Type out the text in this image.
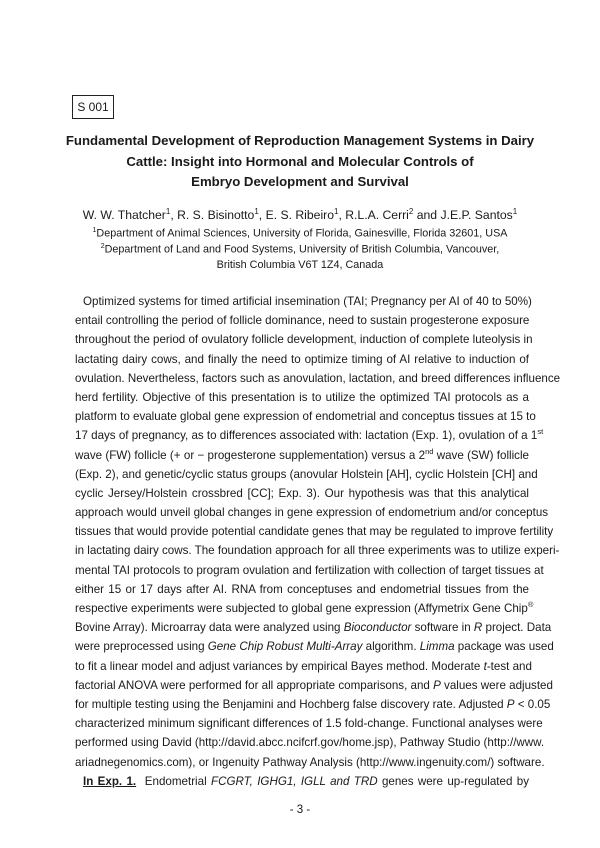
S 001
Fundamental Development of Reproduction Management Systems in Dairy
Cattle: Insight into Hormonal and Molecular Controls of
Embryo Development and Survival
W. W. Thatcher$^1$, R. S. Bisinotto$^1$, E. S. Ribeiro$^1$, R.L.A. Cerri$^2$ and J.E.P. Santos$^1$
$^1$Department of Animal Sciences, University of Florida, Gainesville, Florida 32601, USA
$^2$Department of Land and Food Systems, University of British Columbia, Vancouver,
British Columbia V6T 1Z4, Canada
Optimized systems for timed artificial insemination (TAI; Pregnancy per AI of 40 to 50%)
entail controlling the period of follicle dominance, need to sustain progesterone exposure
throughout the period of ovulatory follicle development, induction of complete luteolysis in
lactating dairy cows, and finally the need to optimize timing of AI relative to induction of
ovulation. Nevertheless, factors such as anovulation, lactation, and breed differences influence
herd fertility. Objective of this presentation is to utilize the optimized TAI protocols as a
platform to evaluate global gene expression of endometrial and conceptus tissues at 15 to
17 days of pregnancy, as to differences associated with: lactation (Exp. 1), ovulation of a 1st
wave (FW) follicle (+ or − progesterone supplementation) versus a 2nd wave (SW) follicle
(Exp. 2), and genetic/cyclic status groups (anovular Holstein [AH], cyclic Holstein [CH] and
cyclic Jersey/Holstein crossbred [CC]; Exp. 3). Our hypothesis was that this analytical
approach would unveil global changes in gene expression of endometrium and/or conceptus
tissues that would provide potential candidate genes that may be regulated to improve fertility
in lactating dairy cows. The foundation approach for all three experiments was to utilize experi-
mental TAI protocols to program ovulation and fertilization with collection of target tissues at
either 15 or 17 days after AI. RNA from conceptuses and endometrial tissues from the
respective experiments were subjected to global gene expression (Affymetrix Gene Chip®
Bovine Array). Microarray data were analyzed using Bioconductor software in R project. Data
were preprocessed using Gene Chip Robust Multi-Array algorithm. Limma package was used
to fit a linear model and adjust variances by empirical Bayes method. Moderate t-test and
factorial ANOVA were performed for all appropriate comparisons, and P values were adjusted
for multiple testing using the Benjamini and Hochberg false discovery rate. Adjusted P < 0.05
characterized minimum significant differences of 1.5 fold-change. Functional analyses were
performed using David (http://david.abcc.ncifcrf.gov/home.jsp), Pathway Studio (http://www.
ariadnegenomics.com), or Ingenuity Pathway Analysis (http://www.ingenuity.com/) software.
In Exp. 1.  Endometrial FCGRT, IGHG1, IGLL and TRD genes were up-regulated by
- 3 -
